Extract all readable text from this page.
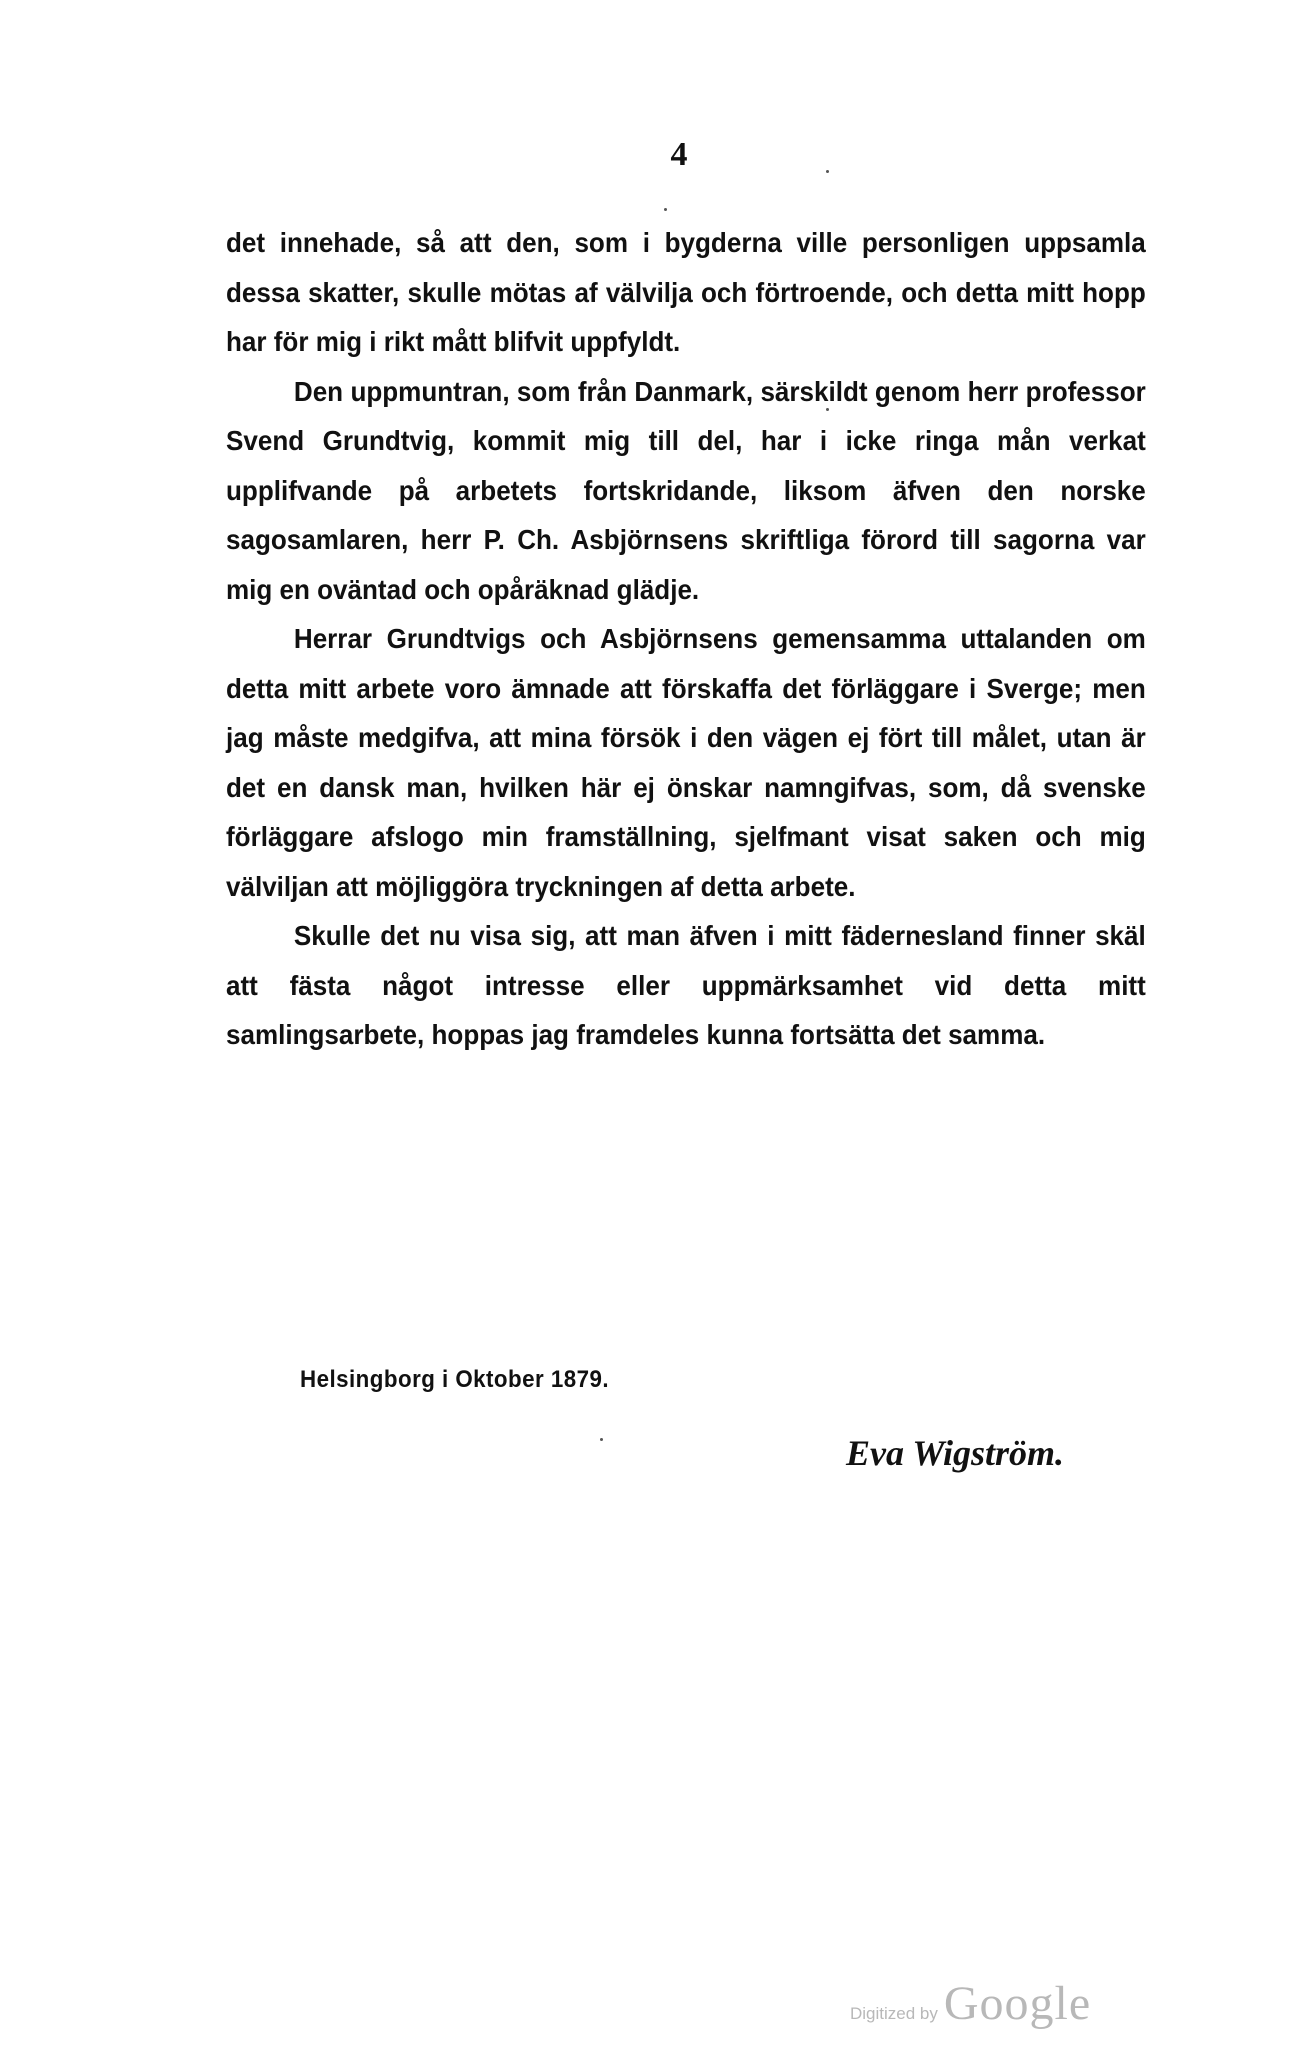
4

det innehade, så att den, som i bygderna ville personligen uppsamla dessa skatter, skulle mötas af välvilja och förtroende, och detta mitt hopp har för mig i rikt mått blifvit uppfyldt.

Den uppmuntran, som från Danmark, särskildt genom herr professor Svend Grundtvig, kommit mig till del, har i icke ringa mån verkat upplifvande på arbetets fortskridande, liksom äfven den norske sagosamlaren, herr P. Ch. Asbjörnsens skriftliga förord till sagorna var mig en oväntad och opåräknad glädje.

Herrar Grundtvigs och Asbjörnsens gemensamma uttalanden om detta mitt arbete voro ämnade att förskaffa det förläggare i Sverge; men jag måste medgifva, att mina försök i den vägen ej fört till målet, utan är det en dansk man, hvilken här ej önskar namngifvas, som, då svenske förläggare afslogo min framställning, sjelfmant visat saken och mig välviljan att möjliggöra tryckningen af detta arbete.

Skulle det nu visa sig, att man äfven i mitt fädernesland finner skäl att fästa något intresse eller uppmärksamhet vid detta mitt samlingsarbete, hoppas jag framdeles kunna fortsätta det samma.

Helsingborg i Oktober 1879.
Eva Wigström.
Digitized by Google
